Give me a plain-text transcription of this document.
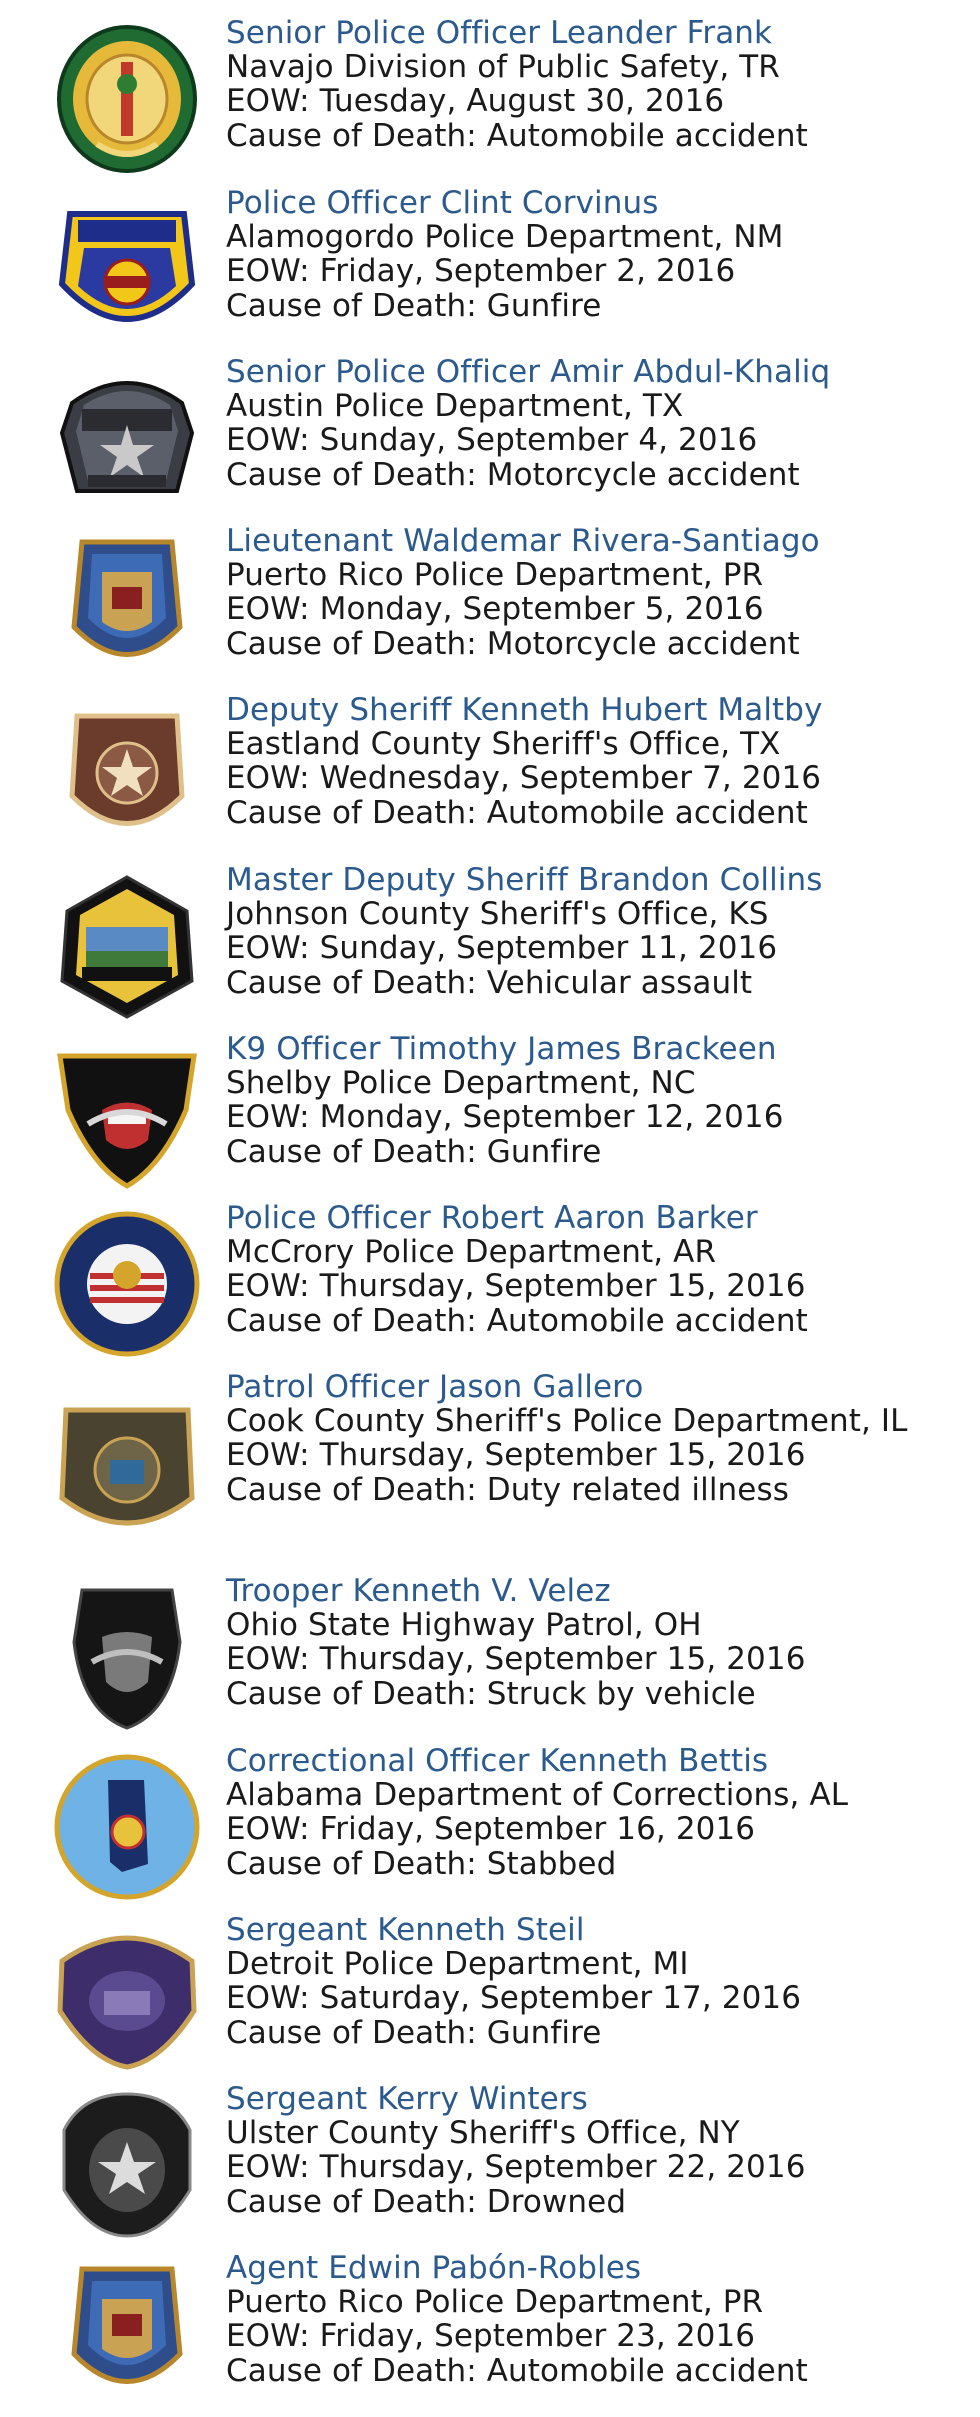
Senior Police Officer Leander Frank
Navajo Division of Public Safety, TR
EOW: Tuesday, August 30, 2016
Cause of Death: Automobile accident
Police Officer Clint Corvinus
Alamogordo Police Department, NM
EOW: Friday, September 2, 2016
Cause of Death: Gunfire
Senior Police Officer Amir Abdul-Khaliq
Austin Police Department, TX
EOW: Sunday, September 4, 2016
Cause of Death: Motorcycle accident
Lieutenant Waldemar Rivera-Santiago
Puerto Rico Police Department, PR
EOW: Monday, September 5, 2016
Cause of Death: Motorcycle accident
Deputy Sheriff Kenneth Hubert Maltby
Eastland County Sheriff's Office, TX
EOW: Wednesday, September 7, 2016
Cause of Death: Automobile accident
Master Deputy Sheriff Brandon Collins
Johnson County Sheriff's Office, KS
EOW: Sunday, September 11, 2016
Cause of Death: Vehicular assault
K9 Officer Timothy James Brackeen
Shelby Police Department, NC
EOW: Monday, September 12, 2016
Cause of Death: Gunfire
Police Officer Robert Aaron Barker
McCrory Police Department, AR
EOW: Thursday, September 15, 2016
Cause of Death: Automobile accident
Patrol Officer Jason Gallero
Cook County Sheriff's Police Department, IL
EOW: Thursday, September 15, 2016
Cause of Death: Duty related illness
Trooper Kenneth V. Velez
Ohio State Highway Patrol, OH
EOW: Thursday, September 15, 2016
Cause of Death: Struck by vehicle
Correctional Officer Kenneth Bettis
Alabama Department of Corrections, AL
EOW: Friday, September 16, 2016
Cause of Death: Stabbed
Sergeant Kenneth Steil
Detroit Police Department, MI
EOW: Saturday, September 17, 2016
Cause of Death: Gunfire
Sergeant Kerry Winters
Ulster County Sheriff's Office, NY
EOW: Thursday, September 22, 2016
Cause of Death: Drowned
Agent Edwin Pabón-Robles
Puerto Rico Police Department, PR
EOW: Friday, September 23, 2016
Cause of Death: Automobile accident
